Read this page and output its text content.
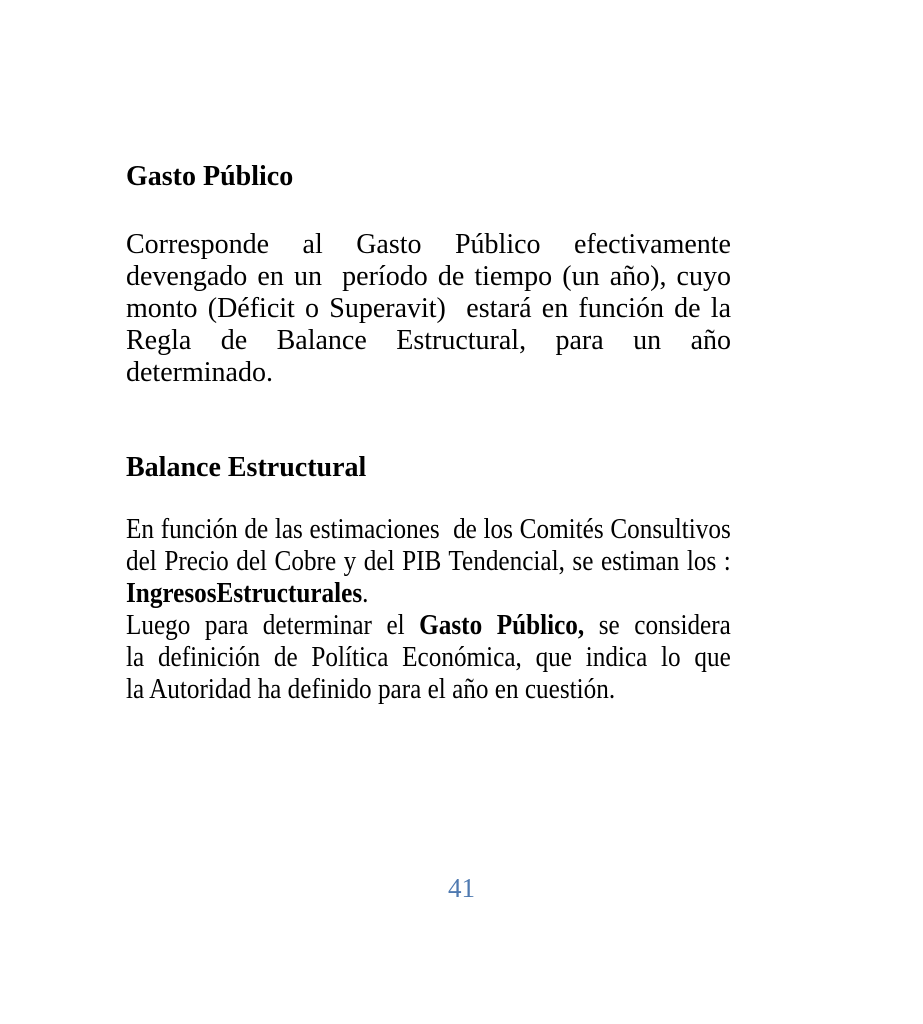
Gasto Público
Corresponde al Gasto Público efectivamente
devengado en un  período de tiempo (un año), cuyo
monto (Déficit o Superavit)  estará en función de la
Regla de Balance Estructural, para un año
determinado.
Balance Estructural
En función de las estimaciones  de los Comités Consultivos
del Precio del Cobre y del PIB Tendencial, se estiman los :
IngresosEstructurales.
Luego para determinar el Gasto Público, se considera
la definición de Política Económica, que indica lo que
la Autoridad ha definido para el año en cuestión.
41
